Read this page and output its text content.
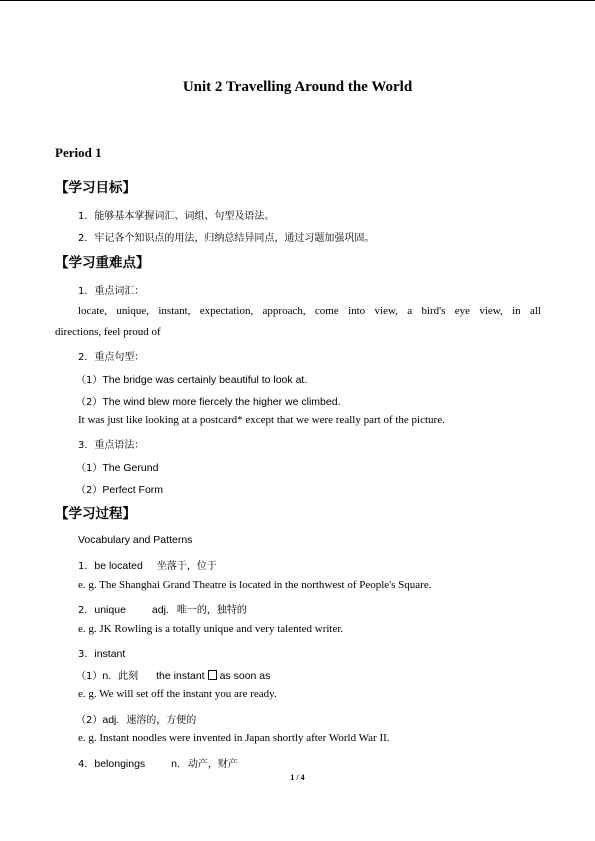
Unit 2 Travelling Around the World
Period 1
【学习目标】
1．能够基本掌握词汇、词组、句型及语法。
2．牢记各个知识点的用法，归纳总结异同点，通过习题加强巩固。
【学习重难点】
1．重点词汇：
locate, unique, instant, expectation, approach, come into view, a bird's eye view, in all
directions, feel proud of
2．重点句型：
（1）The bridge was certainly beautiful to look at.
（2）The wind blew more fiercely the higher we climbed.
It was just like looking at a postcard* except that we were really part of the picture.
3．重点语法：
（1）The Gerund
（2）Perfect Form
【学习过程】
Vocabulary and Patterns
1．be located 坐落于，位于
e. g. The Shanghai Grand Theatre is located in the northwest of People's Square.
2．unique adj. 唯一的，独特的
e. g. JK Rowling is a totally unique and very talented writer.
3．instant
（1）n. 此刻 the instant as soon as
e. g. We will set off the instant you are ready.
（2）adj. 速溶的，方便的
e. g. Instant noodles were invented in Japan shortly after World War II.
4．belongings n. 动产，财产
1 / 4
